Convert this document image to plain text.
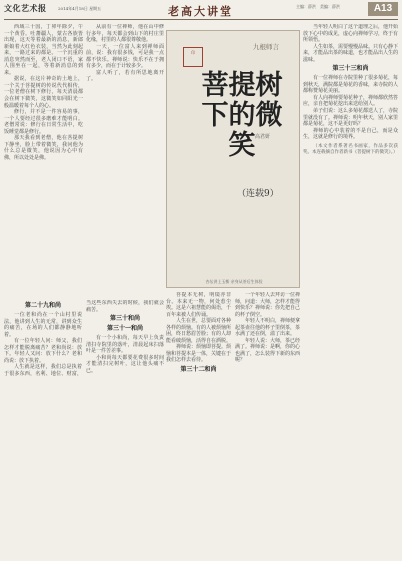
文化艺术报	2014年4月18日 星期五	老高大讲堂	主编：薛洪　美编：薛洪	A13

西域三十国，丁卯年除夕，午一个黄昏。吐蕃疆人，蒙古各族皆出现，这天等着最新的消息，新郎新娘着大红色衣装，当然为此刻起来，一路过来的都是。一个沉重的消息突然而至，老人闭口不语，家人围坐在一起，等着新消息的到来。

据说，在这片神奇的土地上，一个关于菩提树的传说代代相传，一位老僧在树下修行，每天清晨都会在树下微笑，这微笑如同阳光一般温暖着每个人的心。

修行，并不是一件容易的事，一个人要经过很多磨难才能明白。老僧常说：修行在日常生活中，吃饭睡觉都是修行。

那天我看到老僧，他在菩提树下静坐，脸上带着微笑，我问他为什么总是微笑，他说因为心中有佛，所以处处是佛。

从前有一位禅师，他在山中修行多年，每天都会到山下的村庄里化缘，村里的人都很尊敬他。

一天，一位富人来到禅师面前，说：我有很多钱，可是我一点都不快乐。禅师说：快乐不在于拥有多少，而在于计较多少。

富人听了，若有所思地离开了。

第二十九和尚

一位老和尚在一个山村里说法，他讲到人生的无常，讲到众生的痛苦，在场的人们都静静地听着。

有一位年轻人问：师父，我们怎样才能脱离痛苦？老和尚说：放下。年轻人又问：放下什么？老和尚说：放下执着。

人生就是这样，我们总是执着于很多东西，名利、地位、财富，当这些东西失去的时候，我们就会痛苦。

第三十和尚
第三十一和尚

有一个小和尚，每天早上负责清扫寺院里的落叶，清晨起床扫落叶是一件苦差事。

小和尚每天都要花费很多时间才能清扫完树叶，这让他头痛不已。

印
九根师言
菩提树下的微笑 高君妍
（连载9）
杏坛讲上玉衡 亲身从茶后生体验

菩提本无树，明镜亦非台。本来无一物，何处惹尘埃。这是六祖慧能的偈语，千百年来被人们传诵。

人生在世，总要面对各种各样的烦恼。有的人被烦恼所困，终日愁眉苦脸；有的人却能看破烦恼，活得自在洒脱。

禅师说：烦恼即菩提。烦恼和菩提本是一体，关键在于我们怎样去看待。

第三十二和尚

一个年轻人去拜访一位禅师，问道：大师，怎样才能得到快乐？禅师说：你先把自己的杯子倒空。

年轻人不明白，禅师便拿起茶壶往他的杯子里倒茶，茶水满了还在倒，溢了出来。

年轻人说：大师，茶已经满了。禅师说：是啊，你的心也满了，怎么装得下新的东西呢？

当年轻人明白了这个道理之后，他开始放下心中的成见，虚心向禅师学习，终于有所领悟。

人生如茶，需要慢慢品味。只有心静下来，才能品出茶的味道，也才能品出人生的滋味。

第三十三和尚

有一位禅师在寺院里种了很多菊花，每到秋天，满院都是菊花的香味，来寺院的人都称赞菊花美丽。

有人向禅师要菊花种子，禅师都欣然答应，亲自把菊花挖出来送给别人。

弟子们说：这么多菊花都送人了，寺院里就没有了。禅师说：明年秋天，别人家里都是菊花，这不是更好吗？

禅师的心中装着的不是自己，而是众生，这就是修行的境界。

（本文作者系著名书画家，作品多次获奖。本连载摘自作者新书《菩提树下的微笑》。）
